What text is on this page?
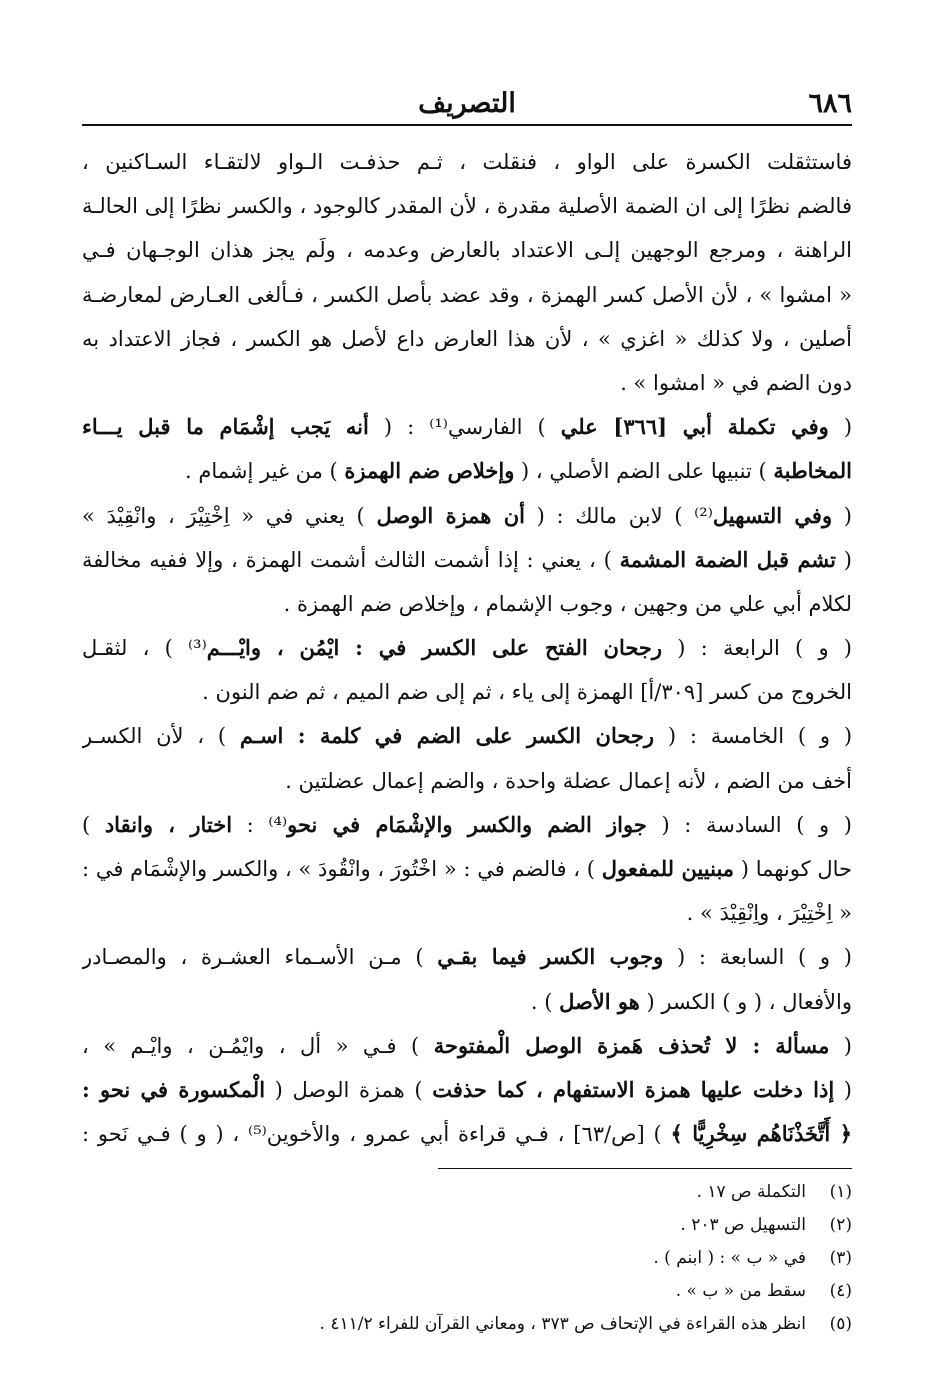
٦٨٦
التصريف
فاستثقلت الكسرة على الواو ، فنقلت ، ثـم حذفـت الـواو لالتقـاء السـاكنين ،
فالضم نظرًا إلى ان الضمة الأصلية مقدرة ، لأن المقدر كالوجود ، والكسر نظرًا إلى الحالـة
الراهنة ، ومرجع الوجهين إلـى الاعتداد بالعارض وعدمه ، ولَم يجز هذان الوجـهان فـي
« امشوا » ، لأن الأصل كسر الهمزة ، وقد عضد بأصل الكسر ، فـألغى العـارض لمعارضـة
أصلين ، ولا كذلك « اغزي » ، لأن هذا العارض داع لأصل هو الكسر ، فجاز الاعتداد به
دون الضم في « امشوا » .
( وفي تكملة أبي [٣٦٦] علي ) الفارسي⁽¹⁾ : ( أنه يَجب إشْمَام ما قبل يـــاء
المخاطبة ) تنبيها على الضم الأصلي ، ( وإخلاص ضم الهمزة ) من غير إشمام .
( وفي التسهيل⁽²⁾ ) لابن مالك : ( أن همزة الوصل ) يعني في « اِخْتِيْرَ ، وانْقِيْدَ »
( تشم قبل الضمة المشمة ) ، يعني : إذا أشمت الثالث أشمت الهمزة ، وإلا ففيه مخالفة
لكلام أبي علي من وجهين ، وجوب الإشمام ، وإخلاص ضم الهمزة .
( و ) الرابعة : ( رجحان الفتح على الكسر في : ايْمُن ، وايْـــم⁽³⁾ ) ، لثقـل
الخروج من كسر [٣٠٩/أ] الهمزة إلى ياء ، ثم إلى ضم الميم ، ثم ضم النون .
( و ) الخامسة : ( رجحان الكسر على الضم في كلمة : اسـم ) ، لأن الكسـر
أخف من الضم ، لأنه إعمال عضلة واحدة ، والضم إعمال عضلتين .
( و ) السادسة : ( جواز الضم والكسر والإشْمَام في نحو⁽⁴⁾ : اختار ، وانقاد )
حال كونهما ( مبنيين للمفعول ) ، فالضم في : « اخْتُورَ ، وانْقُودَ » ، والكسر والإشْمَام في :
« اِخْتِيْرَ ، واِنْقِيْدَ » .
( و ) السابعة : ( وجوب الكسر فيما بقـي ) مـن الأسـماء العشـرة ، والمصـادر
والأفعال ، ( و ) الكسر ( هو الأصل ) .
( مسألة : لا تُحذف هَمزة الوصل الْمفتوحة ) فـي « أل ، وايْمُـن ، وايْـم » ،
( إذا دخلت عليها همزة الاستفهام ، كما حذفت ) همزة الوصل ( الْمكسورة في نحو :
﴿ أَتَّخَذْنَاهُم سِخْرِيًّا ﴾ ) [ص/٦٣] ، فـي قراءة أبي عمرو ، والأخوين⁽⁵⁾ ، ( و ) فـي نَحو :
(١)
التكملة ص ١٧ .
(٢)
التسهيل ص ٢٠٣ .
(٣)
في « ب » : ( ابنم ) .
(٤)
سقط من « ب » .
(٥)
انظر هذه القراءة في الإتحاف ص ٣٧٣ ، ومعاني القرآن للفراء ٤١١/٢ .
